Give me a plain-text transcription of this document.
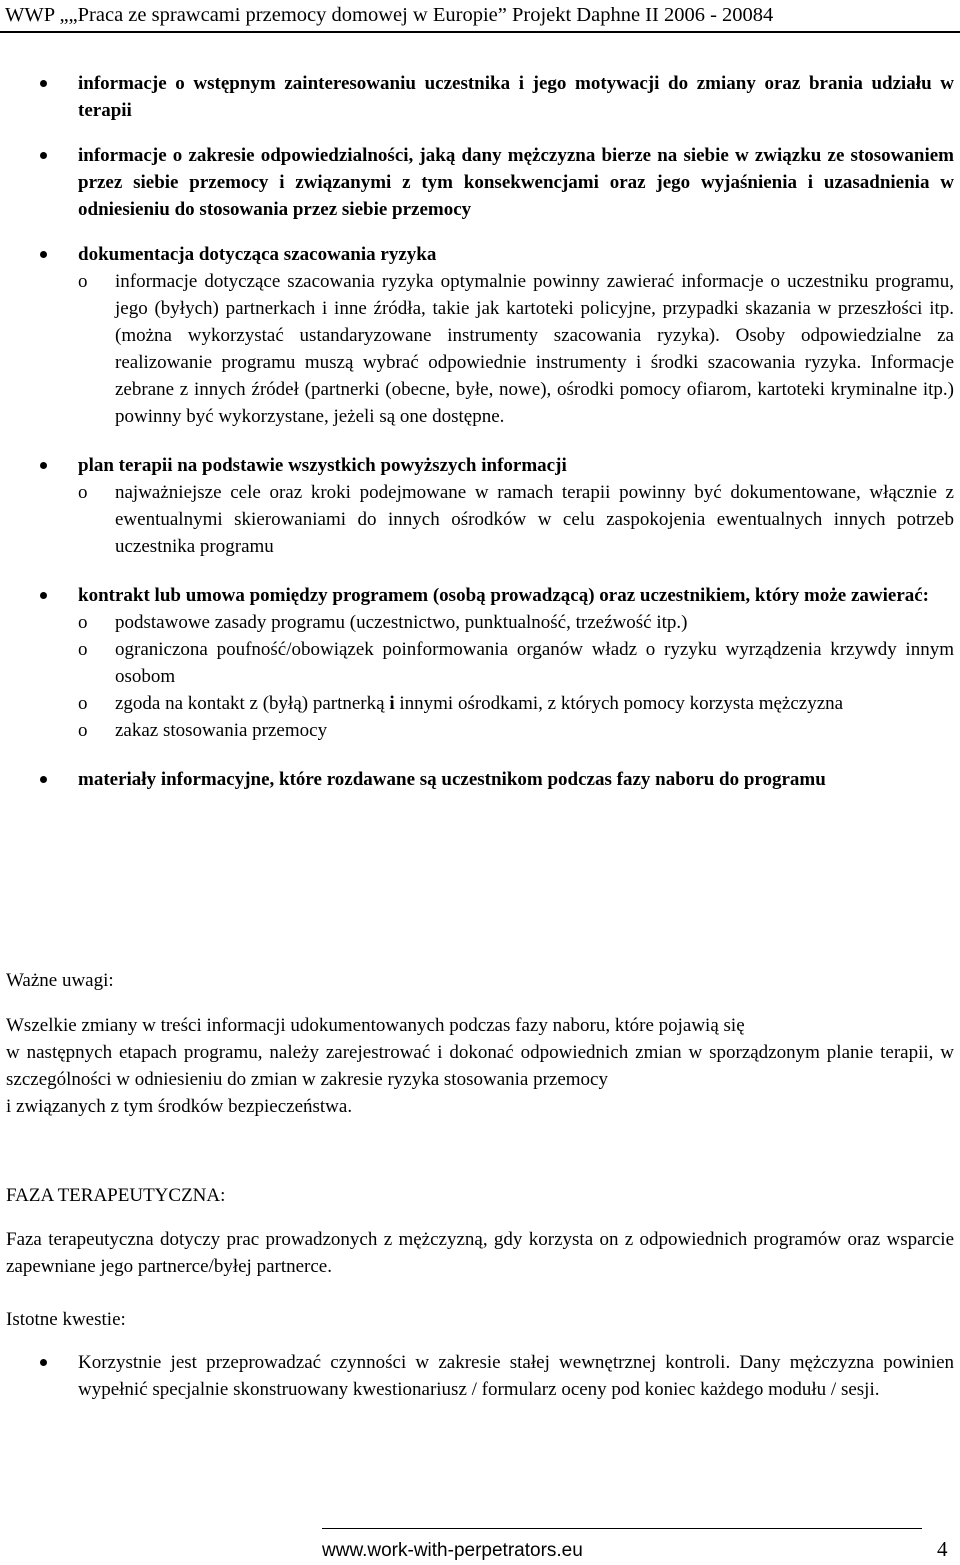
WWP „„Praca ze sprawcami przemocy domowej w Europie” Projekt Daphne II 2006 - 20084
informacje o wstępnym zainteresowaniu uczestnika i jego motywacji do zmiany oraz brania udziału w terapii
informacje o zakresie odpowiedzialności, jaką dany mężczyzna bierze na siebie w związku ze stosowaniem przez siebie przemocy i związanymi z tym konsekwencjami oraz jego wyjaśnienia i uzasadnienia w odniesieniu do stosowania przez siebie przemocy
dokumentacja dotycząca szacowania ryzyka
o informacje dotyczące szacowania ryzyka optymalnie powinny zawierać informacje o uczestniku programu, jego (byłych) partnerkach i inne źródła, takie jak kartoteki policyjne, przypadki skazania w przeszłości itp. (można wykorzystać ustandaryzowane instrumenty szacowania ryzyka). Osoby odpowiedzialne za realizowanie programu muszą wybrać odpowiednie instrumenty i środki szacowania ryzyka. Informacje zebrane z innych źródeł (partnerki (obecne, byłe, nowe), ośrodki pomocy ofiarom, kartoteki kryminalne itp.) powinny być wykorzystane, jeżeli są one dostępne.
plan terapii na podstawie wszystkich powyższych informacji
o najważniejsze cele oraz kroki podejmowane w ramach terapii powinny być dokumentowane, włącznie z ewentualnymi skierowaniami do innych ośrodków w celu zaspokojenia ewentualnych innych potrzeb uczestnika programu
kontrakt lub umowa pomiędzy programem (osobą prowadzącą) oraz uczestnikiem, który może zawierać:
o podstawowe zasady programu (uczestnictwo, punktualność, trzeźwość itp.)
o ograniczona poufność/obowiązek poinformowania organów władz o ryzyku wyrządzenia krzywdy innym osobom
o zgoda na kontakt z (byłą) partnerką i innymi ośrodkami, z których pomocy korzysta mężczyzna
o zakaz stosowania przemocy
materiały informacyjne, które rozdawane są uczestnikom podczas fazy naboru do programu
Ważne uwagi:
Wszelkie zmiany w treści informacji udokumentowanych podczas fazy naboru, które pojawią się
w następnych etapach programu, należy zarejestrować i dokonać odpowiednich zmian w sporządzonym planie terapii, w szczególności w odniesieniu do zmian w zakresie ryzyka stosowania przemocy
i związanych z tym środków bezpieczeństwa.
FAZA TERAPEUTYCZNA:
Faza terapeutyczna dotyczy prac prowadzonych z mężczyzną, gdy korzysta on z odpowiednich programów oraz wsparcie zapewniane jego partnerce/byłej partnerce.
Istotne kwestie:
Korzystnie jest przeprowadzać czynności w zakresie stałej wewnętrznej kontroli. Dany mężczyzna powinien wypełnić specjalnie skonstruowany kwestionariusz / formularz oceny pod koniec każdego modułu / sesji.
www.work-with-perpetrators.eu	4
